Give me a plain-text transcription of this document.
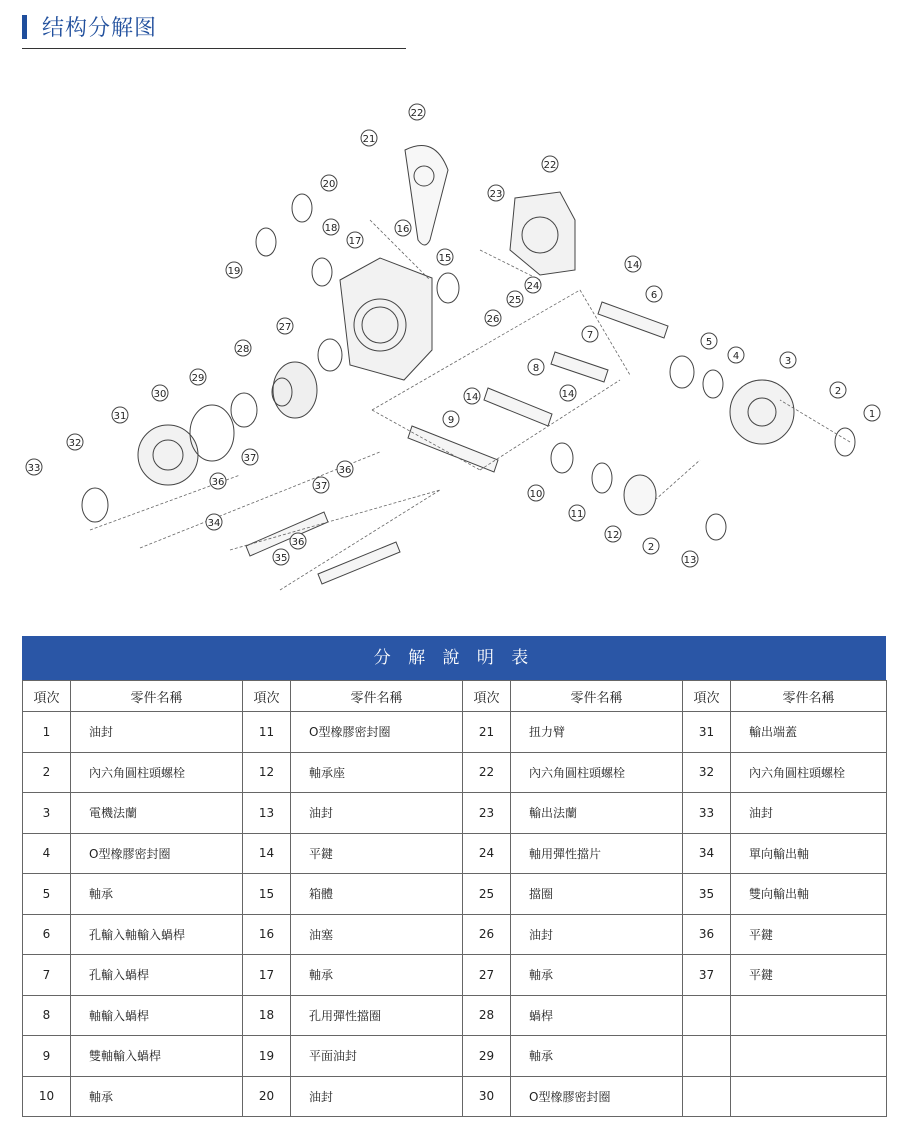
结构分解图
22
21
22
20
23
16
18
17
19
15
14
6
25
24
26
27
28
7
5
4	3
8
14
29
30	14
2
1
31	9
32
10
11
33
37
36
36	37
12
2
34
36
13
35
分 解 說 明 表
項次	零件名稱	項次	零件名稱	項次	零件名稱	項次	零件名稱
1	油封	11	O型橡膠密封圈	21	扭力臂	31	輸出端蓋
2	內六角圓柱頭螺栓	12	軸承座	22	內六角圓柱頭螺栓	32	內六角圓柱頭螺栓
3	電機法蘭	13	油封	23	輸出法蘭	33	油封
4	O型橡膠密封圈	14	平鍵	24	軸用彈性擋片	34	單向輸出軸
5	軸承	15	箱體	25	擋圈	35	雙向輸出軸
6	孔輸入軸輸入蝸桿	16	油塞	26	油封	36	平鍵
7	孔輸入蝸桿	17	軸承	27	軸承	37	平鍵
8	軸輸入蝸桿	18	孔用彈性擋圈	28	蝸桿		
9	雙軸輸入蝸桿	19	平面油封	29	軸承		
10	軸承	20	油封	30	O型橡膠密封圈		
